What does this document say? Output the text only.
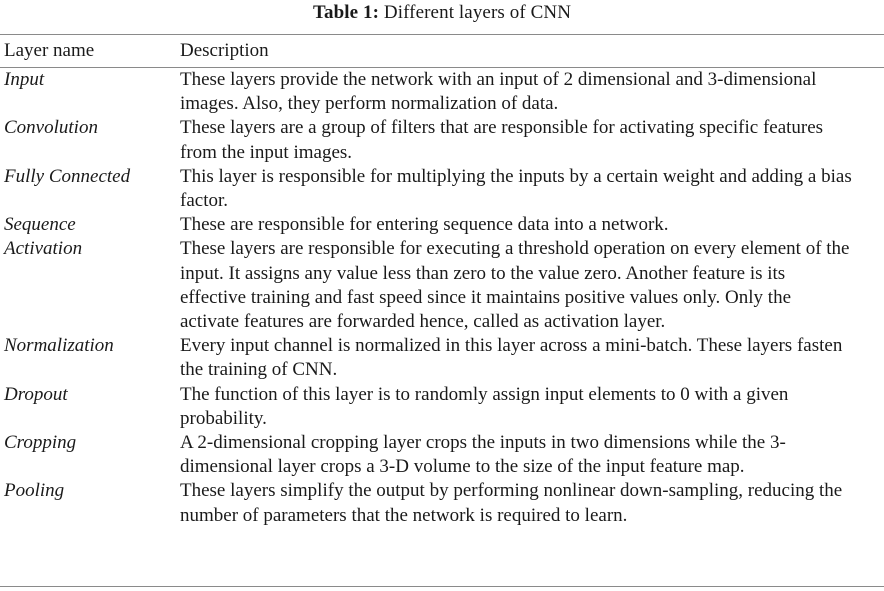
Table 1: Different layers of CNN
Layer name	Description
Input	These layers provide the network with an input of 2 dimensional and 3-dimensional images. Also, they perform normalization of data.
Convolution	These layers are a group of filters that are responsible for activating specific features from the input images.
Fully Connected	This layer is responsible for multiplying the inputs by a certain weight and adding a bias factor.
Sequence	These are responsible for entering sequence data into a network.
Activation	These layers are responsible for executing a threshold operation on every element of the input. It assigns any value less than zero to the value zero. Another feature is its effective training and fast speed since it maintains positive values only. Only the activate features are forwarded hence, called as activation layer.
Normalization	Every input channel is normalized in this layer across a mini-batch. These layers fasten the training of CNN.
Dropout	The function of this layer is to randomly assign input elements to 0 with a given probability.
Cropping	A 2-dimensional cropping layer crops the inputs in two dimensions while the 3-dimensional layer crops a 3-D volume to the size of the input feature map.
Pooling	These layers simplify the output by performing nonlinear down-sampling, reducing the number of parameters that the network is required to learn.
